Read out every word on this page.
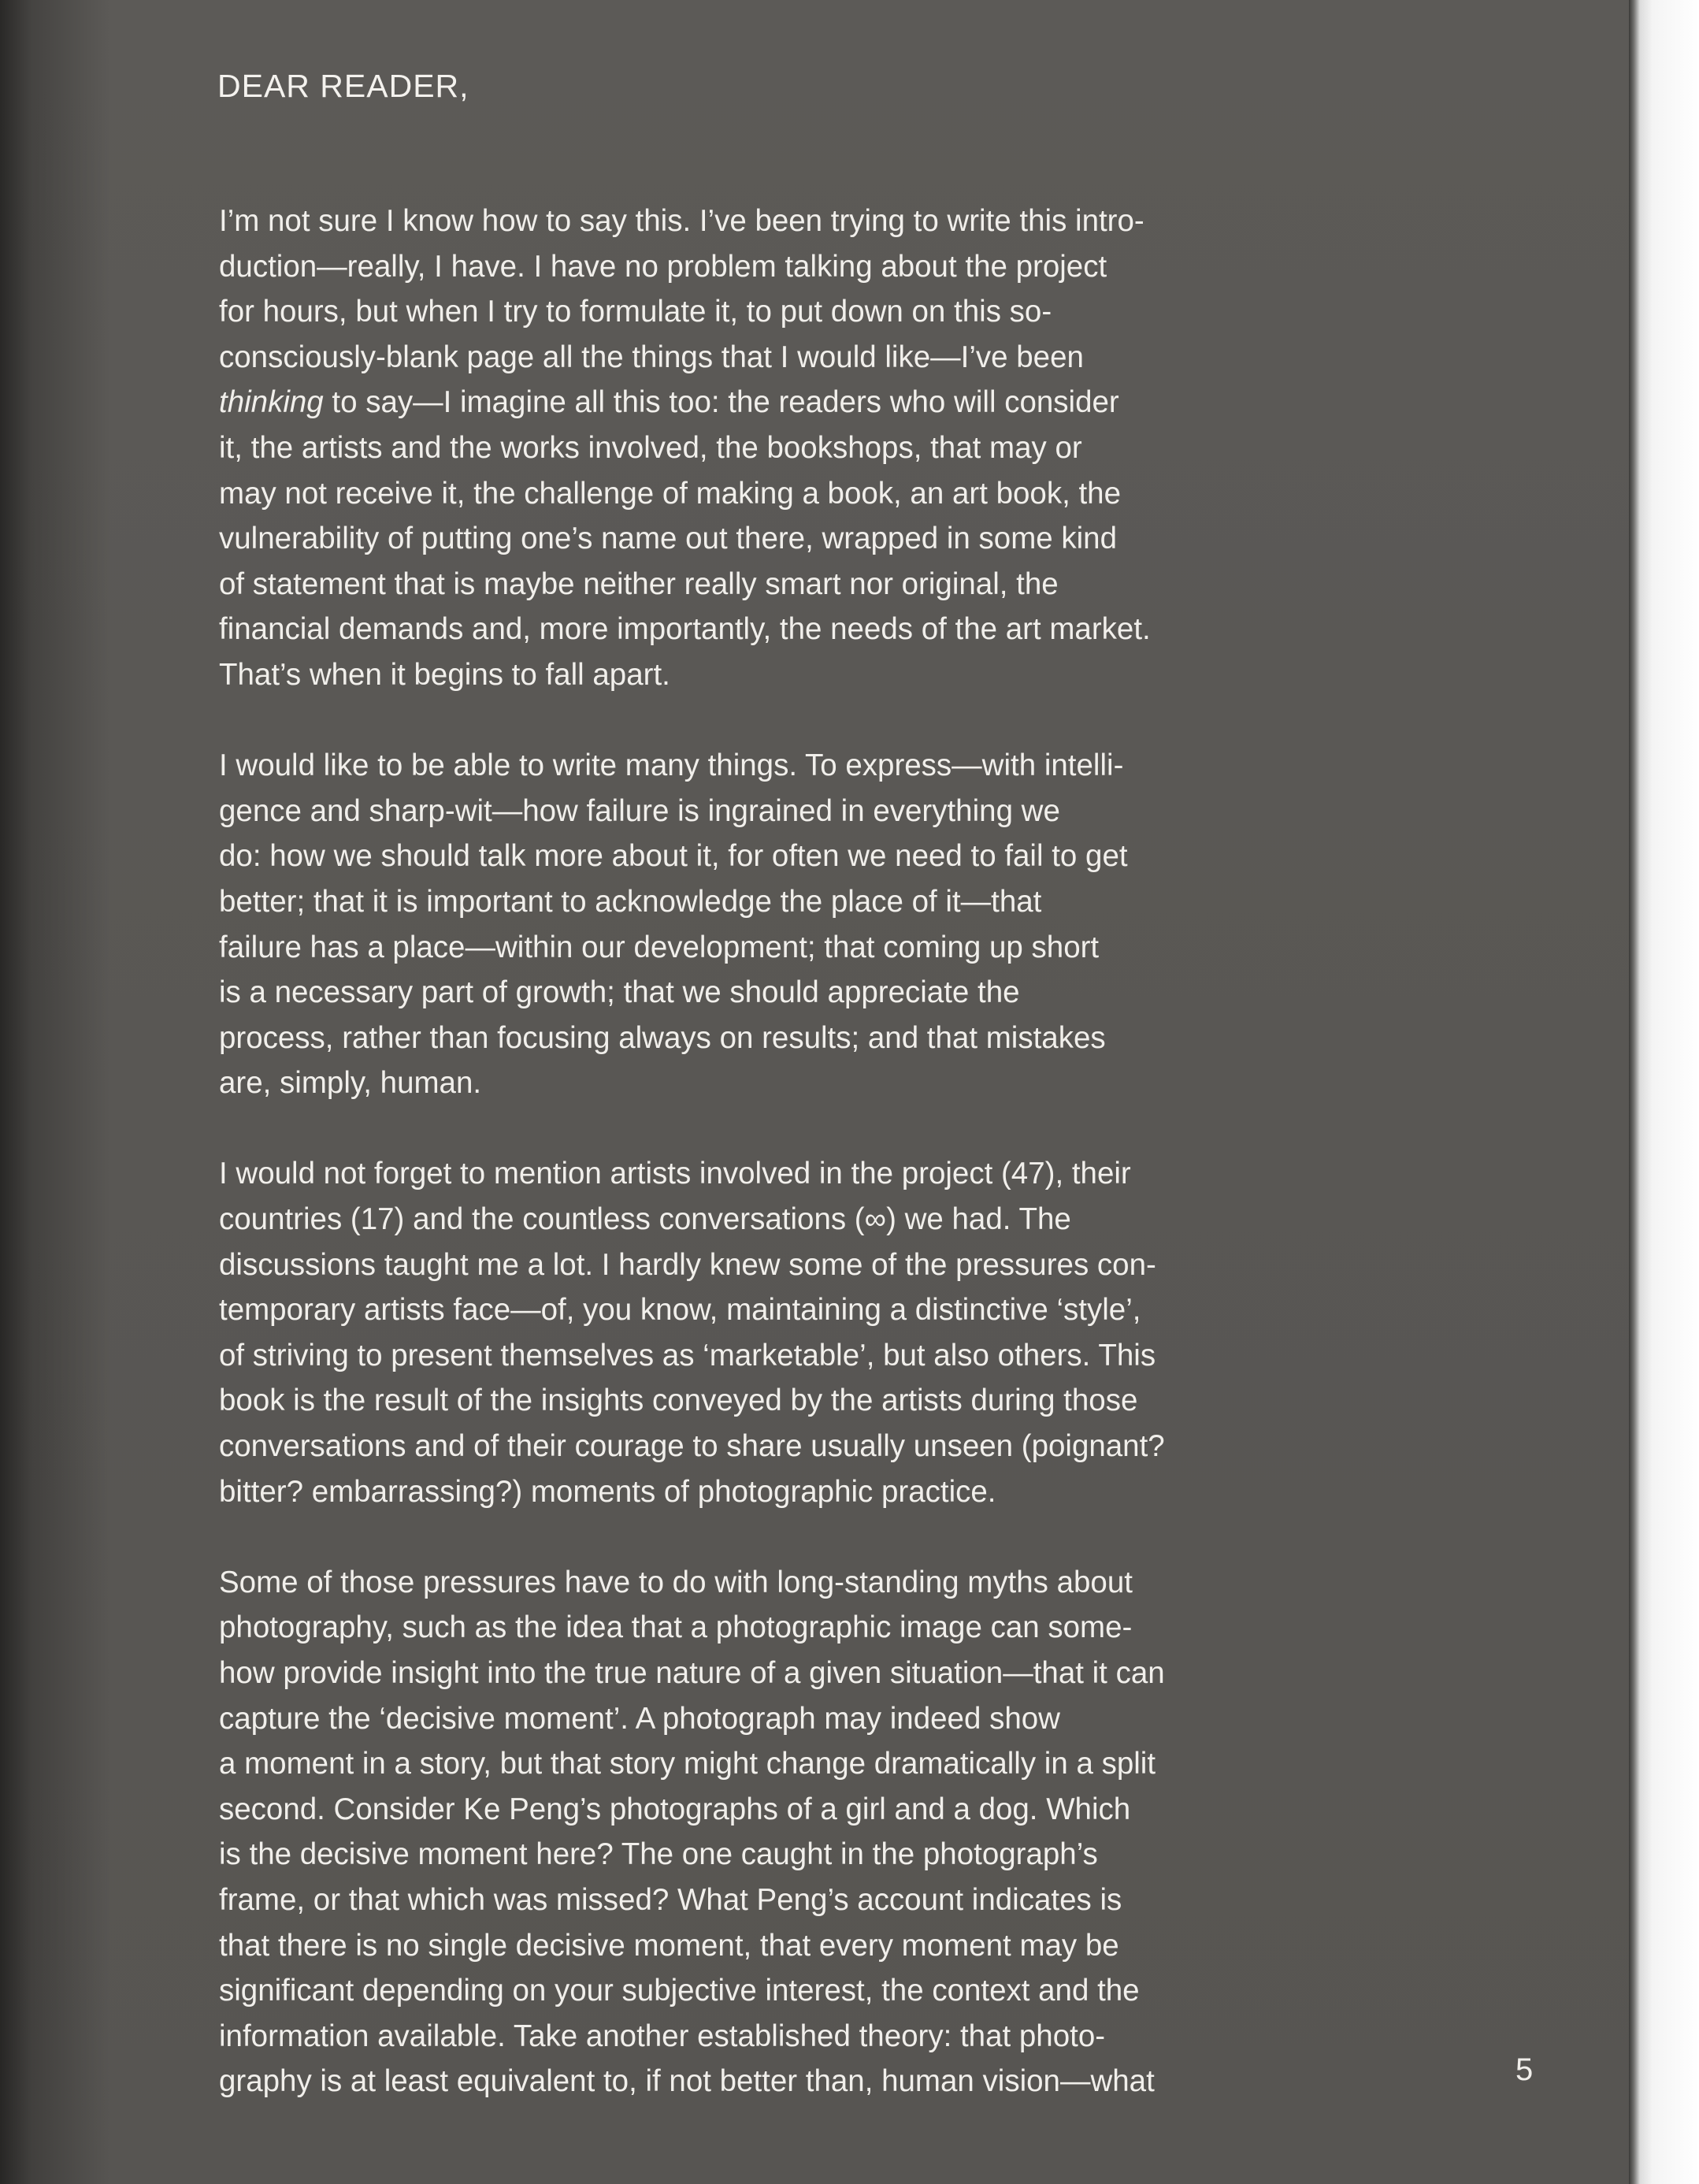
DEAR READER,

I’m not sure I know how to say this. I’ve been trying to write this intro-
duction—really, I have. I have no problem talking about the project
for hours, but when I try to formulate it, to put down on this so-
consciously-blank page all the things that I would like—I’ve been
thinking to say—I imagine all this too: the readers who will consider
it, the artists and the works involved, the bookshops, that may or
may not receive it, the challenge of making a book, an art book, the
vulnerability of putting one’s name out there, wrapped in some kind
of statement that is maybe neither really smart nor original, the
financial demands and, more importantly, the needs of the art market.
That’s when it begins to fall apart.

I would like to be able to write many things. To express—with intelli-
gence and sharp-wit—how failure is ingrained in everything we
do: how we should talk more about it, for often we need to fail to get
better; that it is important to acknowledge the place of it—that
failure has a place—within our development; that coming up short
is a necessary part of growth; that we should appreciate the
process, rather than focusing always on results; and that mistakes
are, simply, human.

I would not forget to mention artists involved in the project (47), their
countries (17) and the countless conversations (∞) we had. The
discussions taught me a lot. I hardly knew some of the pressures con-
temporary artists face—of, you know, maintaining a distinctive ‘style’,
of striving to present themselves as ‘marketable’, but also others. This
book is the result of the insights conveyed by the artists during those
conversations and of their courage to share usually unseen (poignant?
bitter? embarrassing?) moments of photographic practice.

Some of those pressures have to do with long-standing myths about
photography, such as the idea that a photographic image can some-
how provide insight into the true nature of a given situation—that it can
capture the ‘decisive moment’. A photograph may indeed show
a moment in a story, but that story might change dramatically in a split
second. Consider Ke Peng’s photographs of a girl and a dog. Which
is the decisive moment here? The one caught in the photograph’s
frame, or that which was missed? What Peng’s account indicates is
that there is no single decisive moment, that every moment may be
significant depending on your subjective interest, the context and the
information available. Take another established theory: that photo-
graphy is at least equivalent to, if not better than, human vision—what	5
